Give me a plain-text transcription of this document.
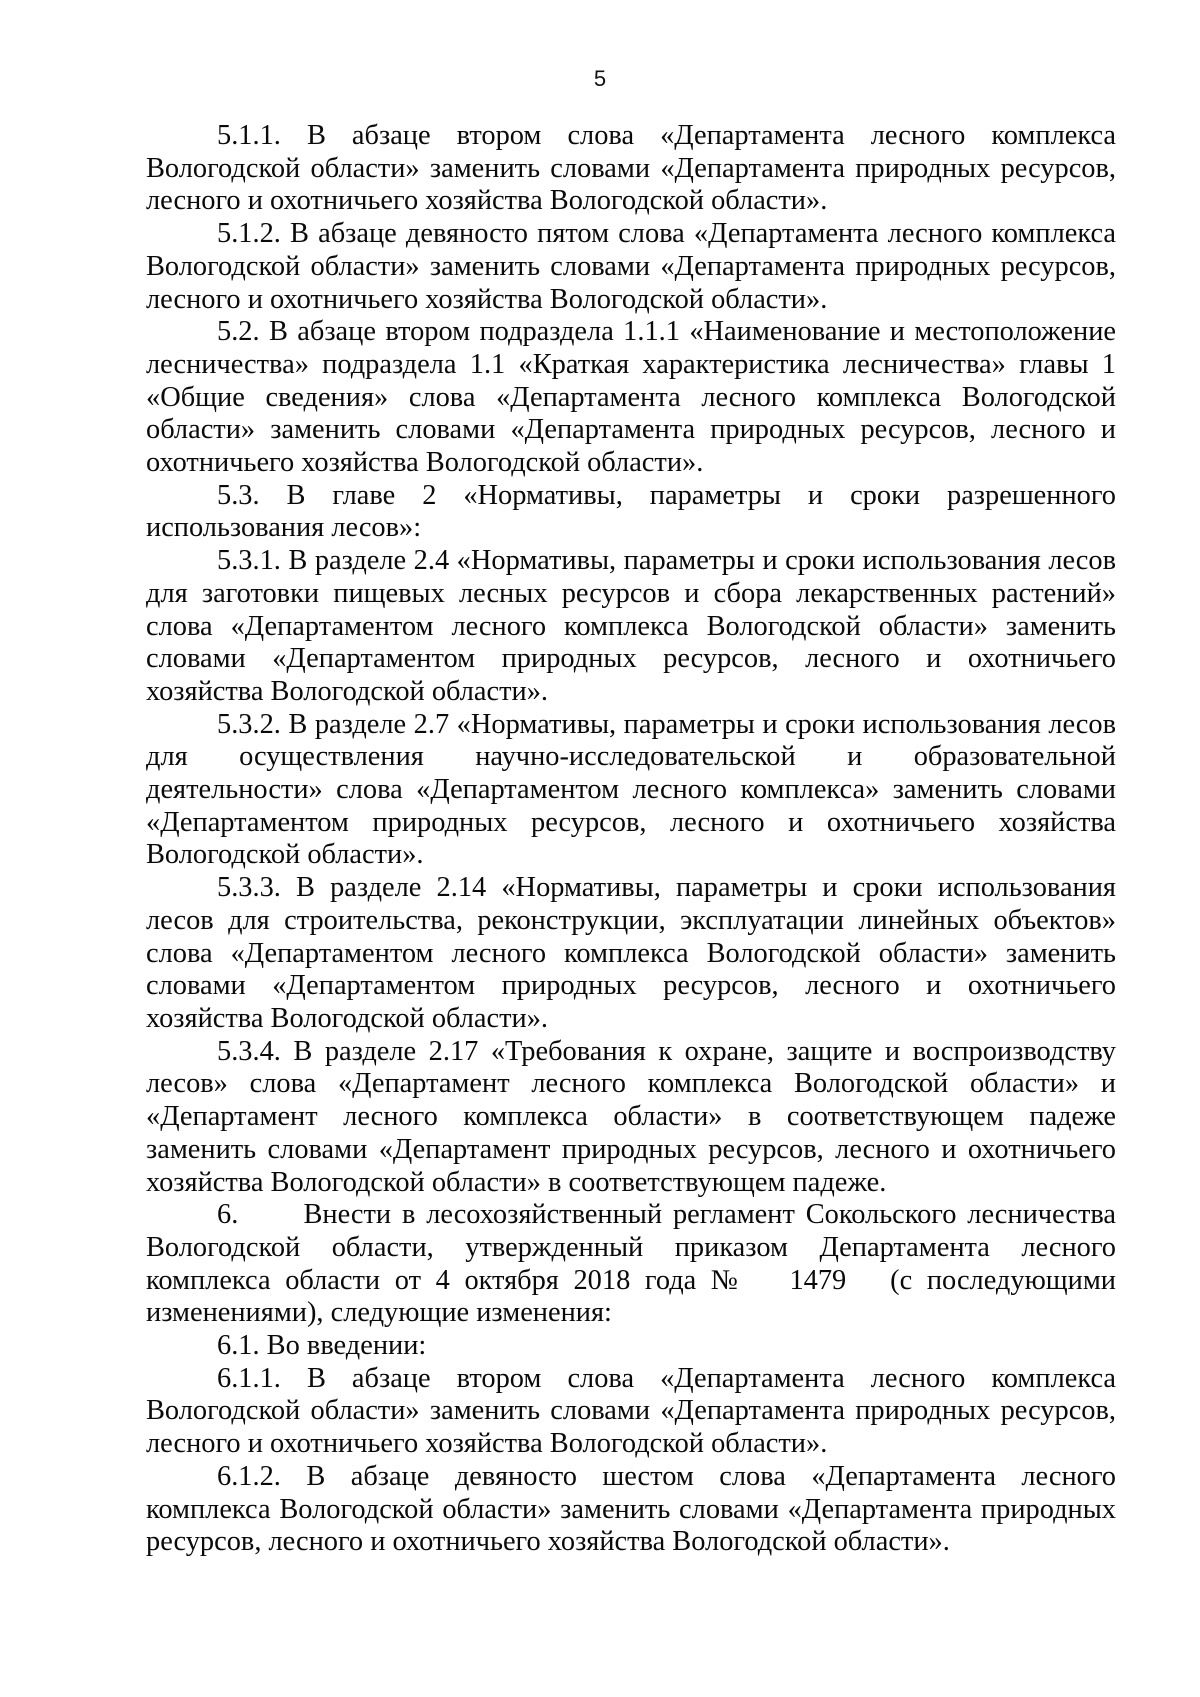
5

5.1.1. В абзаце втором слова «Департамента лесного комплекса Вологодской области» заменить словами «Департамента природных ресурсов, лесного и охотничьего хозяйства Вологодской области».

5.1.2. В абзаце девяносто пятом слова «Департамента лесного комплекса Вологодской области» заменить словами «Департамента природных ресурсов, лесного и охотничьего хозяйства Вологодской области».

5.2. В абзаце втором подраздела 1.1.1 «Наименование и местоположение лесничества» подраздела 1.1 «Краткая характеристика лесничества» главы 1 «Общие сведения» слова «Департамента лесного комплекса Вологодской области» заменить словами «Департамента природных ресурсов, лесного и охотничьего хозяйства Вологодской области».

5.3. В главе 2 «Нормативы, параметры и сроки разрешенного использования лесов»:

5.3.1. В разделе 2.4 «Нормативы, параметры и сроки использования лесов для заготовки пищевых лесных ресурсов и сбора лекарственных растений» слова «Департаментом лесного комплекса Вологодской области» заменить словами «Департаментом природных ресурсов, лесного и охотничьего хозяйства Вологодской области».

5.3.2. В разделе 2.7 «Нормативы, параметры и сроки использования лесов для осуществления научно-исследовательской и образовательной деятельности» слова «Департаментом лесного комплекса» заменить словами «Департаментом природных ресурсов, лесного и охотничьего хозяйства Вологодской области».

5.3.3. В разделе 2.14 «Нормативы, параметры и сроки использования лесов для строительства, реконструкции, эксплуатации линейных объектов» слова «Департаментом лесного комплекса Вологодской области» заменить словами «Департаментом природных ресурсов, лесного и охотничьего хозяйства Вологодской области».

5.3.4. В разделе 2.17 «Требования к охране, защите и воспроизводству лесов» слова «Департамент лесного комплекса Вологодской области» и «Департамент лесного комплекса области» в соответствующем падеже заменить словами «Департамент природных ресурсов, лесного и охотничьего хозяйства Вологодской области» в соответствующем падеже.

6.      Внести в лесохозяйственный регламент Сокольского лесничества Вологодской области, утвержденный приказом Департамента лесного комплекса области от 4 октября 2018 года №   1479   (с последующими изменениями), следующие изменения:

6.1. Во введении:

6.1.1. В абзаце втором слова «Департамента лесного комплекса Вологодской области» заменить словами «Департамента природных ресурсов, лесного и охотничьего хозяйства Вологодской области».

6.1.2. В абзаце девяносто шестом слова «Департамента лесного комплекса Вологодской области» заменить словами «Департамента природных ресурсов, лесного и охотничьего хозяйства Вологодской области».
